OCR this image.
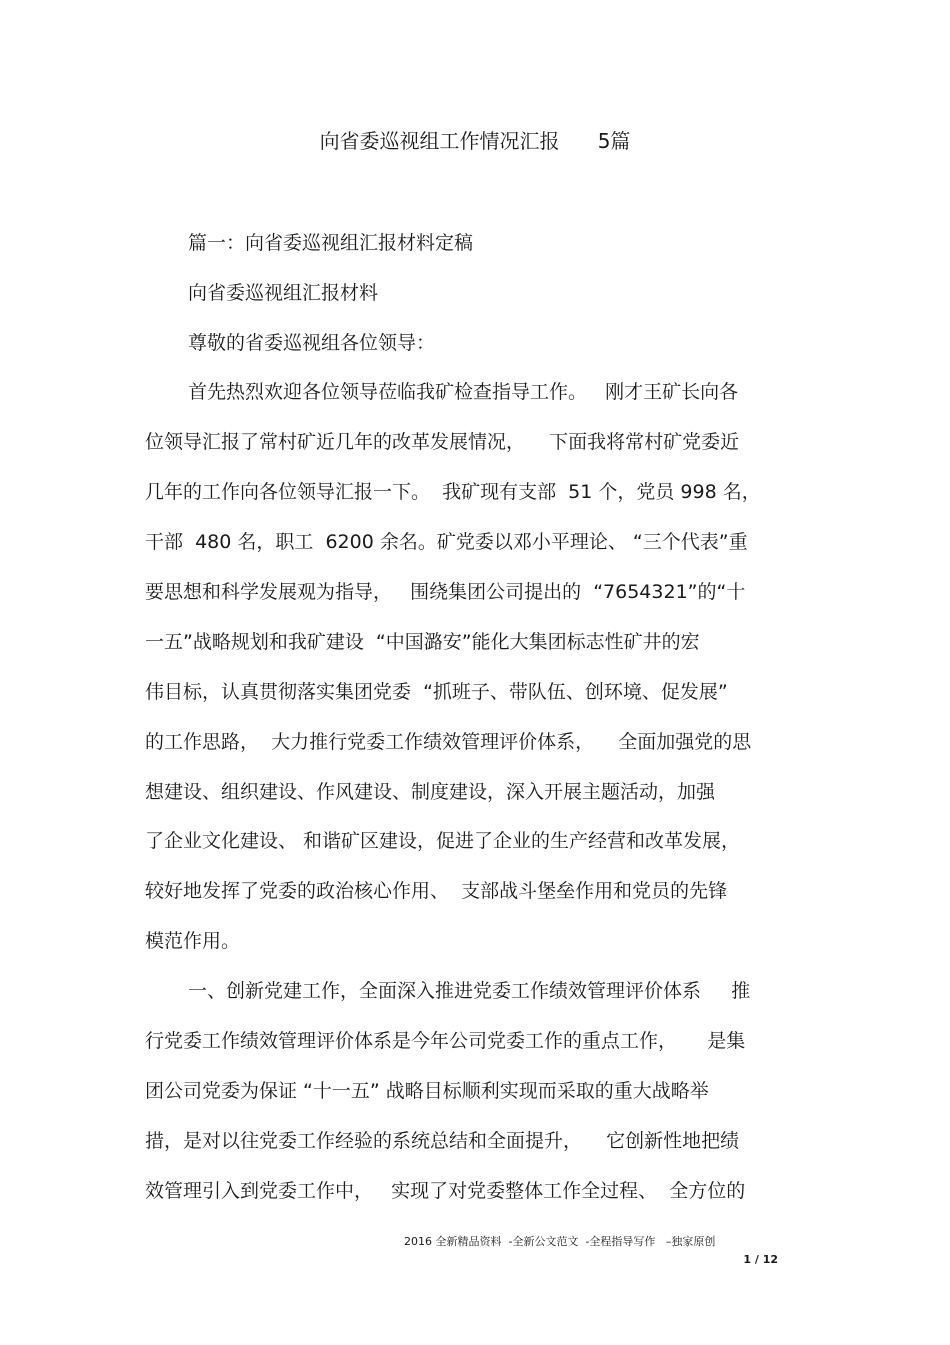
向省委巡视组工作情况汇报      5篇
篇一：向省委巡视组汇报材料定稿
向省委巡视组汇报材料
尊敬的省委巡视组各位领导：
首先热烈欢迎各位领导莅临我矿检查指导工作。   刚才王矿长向各
位领导汇报了常村矿近几年的改革发展情况，    下面我将常村矿党委近
几年的工作向各位领导汇报一下。  我矿现有支部  51 个，党员 998 名，
干部  480 名，职工  6200 余名。矿党委以邓小平理论、 “三个代表”重
要思想和科学发展观为指导，   围绕集团公司提出的  “7654321”的“十
一五”战略规划和我矿建设  “中国潞安”能化大集团标志性矿井的宏
伟目标，认真贯彻落实集团党委  “抓班子、带队伍、创环境、促发展”
的工作思路，  大力推行党委工作绩效管理评价体系，    全面加强党的思
想建设、组织建设、作风建设、制度建设，深入开展主题活动，加强
了企业文化建设、 和谐矿区建设，促进了企业的生产经营和改革发展，
较好地发挥了党委的政治核心作用、  支部战斗堡垒作用和党员的先锋
模范作用。
一、创新党建工作，全面深入推进党委工作绩效管理评价体系     推
行党委工作绩效管理评价体系是今年公司党委工作的重点工作，     是集
团公司党委为保证 “十一五” 战略目标顺利实现而采取的重大战略举
措，是对以往党委工作经验的系统总结和全面提升，    它创新性地把绩
效管理引入到党委工作中，   实现了对党委整体工作全过程、  全方位的
2016 全新精品资料  -全新公文范文  -全程指导写作   –独家原创
1 / 12
